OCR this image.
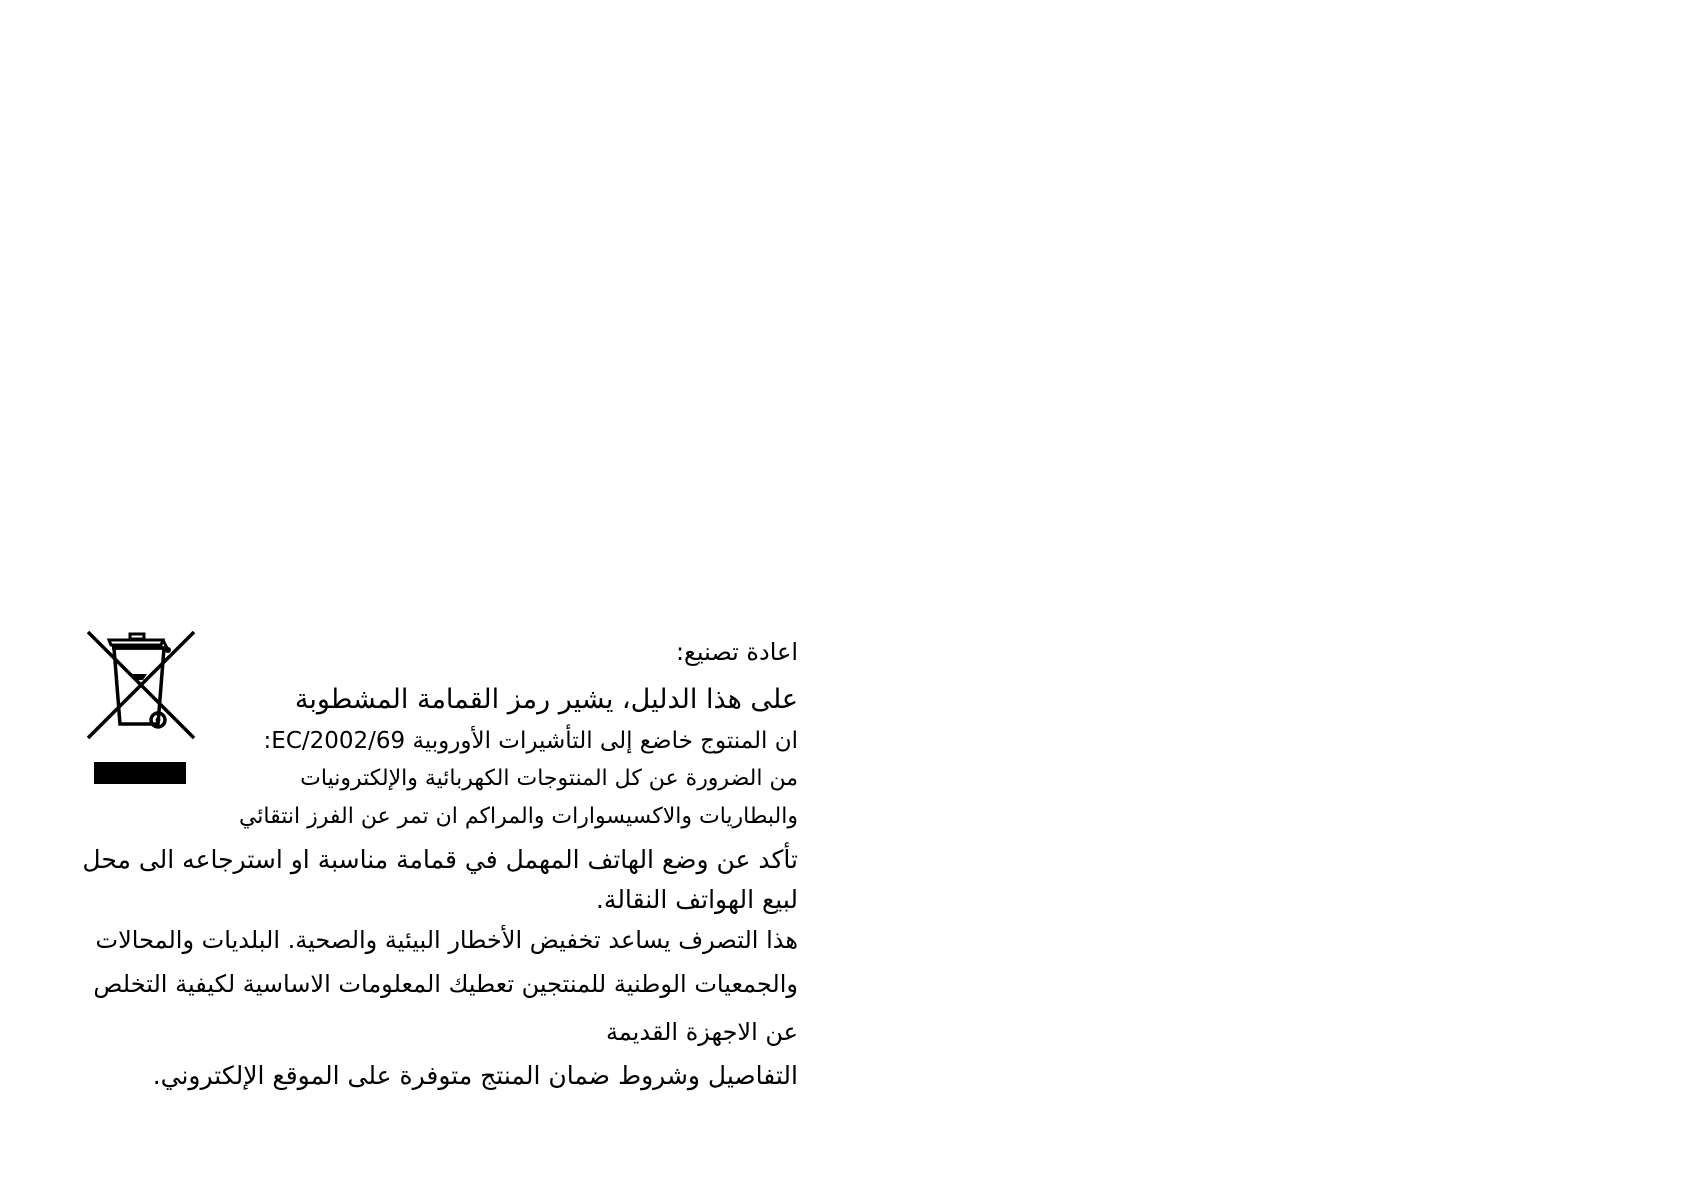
اعادة تصنيع:

على هذا الدليل، يشير رمز القمامة المشطوبة

ان المنتوج خاضع إلى التأشيرات الأوروبية EC/2002/69:

من الضرورة عن كل المنتوجات الكهربائية والإلكترونيات

والبطاريات والاكسيسوارات والمراكم ان تمر عن الفرز انتقائي

تأكد عن وضع الهاتف المهمل في قمامة مناسبة او استرجاعه الى محل

لبيع الهواتف النقالة.

هذا التصرف يساعد تخفيض الأخطار البيئية والصحية. البلديات والمحالات

والجمعيات الوطنية للمنتجين تعطيك المعلومات الاساسية لكيفية التخلص

عن الاجهزة القديمة

التفاصيل وشروط ضمان المنتج متوفرة على الموقع الإلكتروني.
